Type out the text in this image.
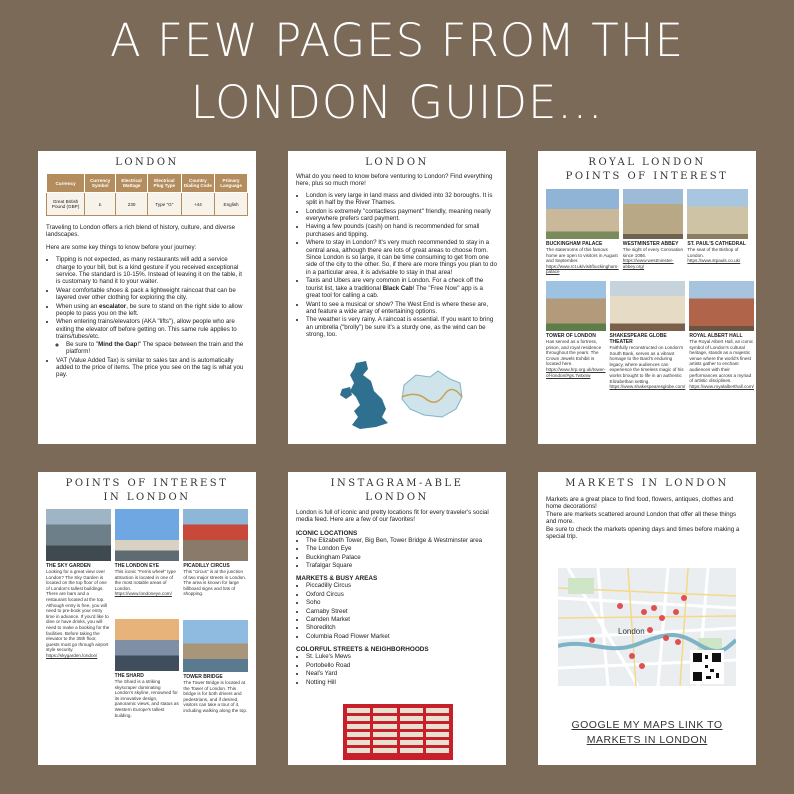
A FEW PAGES FROM THE
LONDON GUIDE...
LONDON
Currency	Currency Symbol	Electrical Wattage	Electrical Plug Type	Country Dialing Code	Primary Language
Great British Pound (GBP)	£	230	Type "G"	+44	English
Traveling to London offers a rich blend of history, culture, and diverse landscapes.
Here are some key things to know before your journey:
• Tipping is not expected, as many restaurants will add a service charge to your bill, but is a kind gesture if you received exceptional service. The standard is 10-15%. Instead of leaving it on the table, it is customary to hand it to your waiter.
• Wear comfortable shoes & pack a lightweight raincoat that can be layered over other clothing for exploring the city.
• When using an escalator, be sure to stand on the right side to allow people to pass you on the left.
• When entering trains/elevators (AKA "lifts"), allow people who are exiting the elevator off before getting on. This same rule applies to trains/tubes/etc.
◦ Be sure to "Mind the Gap!" The space between the train and the platform!
• VAT (Value Added Tax) is similar to sales tax and is automatically added to the price of items. The price you see on the tag is what you pay.
LONDON
What do you need to know before venturing to London? Find everything here, plus so much more!
• London is very large in land mass and divided into 32 boroughs. It is split in half by the River Thames.
• London is extremely "contactless payment" friendly, meaning nearly everywhere prefers card payment.
• Having a few pounds (cash) on hand is recommended for small purchases and tipping.
• Where to stay in London? It's very much recommended to stay in a central area, although there are lots of great areas to choose from. Since London is so large, it can be time consuming to get from one side of the city to the other. So, if there are more things you plan to do in a particular area, it is advisable to stay in that area!
• Taxis and Ubers are very common in London. For a check off the tourist list, take a traditional Black Cab! The "Free Now" app is a great tool for calling a cab.
• Want to see a musical or show? The West End is where these are, and feature a wide array of entertaining options.
• The weather is very rainy. A raincoat is essential. If you want to bring an umbrella ("brolly") be sure it's a sturdy one, as the wind can be strong, too.
ROYAL LONDON
POINTS OF INTEREST
BUCKINGHAM PALACE
The staterooms of this famous home are open to visitors in August and September.
https://www.rct.uk/visit/buckingham-palace
WESTMINSTER ABBEY
The sight of every Coronation since 1066.
https://www.westminster-abbey.org/
ST. PAUL'S CATHEDRAL
The seat of the Bishop of London.
https://www.stpauls.co.uk/
TOWER OF LONDON
Has served as a fortress, prison, and royal residence throughout the years. The Crown Jewels Exhibit is located here.
https://www.hrp.org.uk/tower-of-london/#gs.7wtxnw
SHAKESPEARE GLOBE THEATER
Faithfully reconstructed on London's South Bank, serves as a vibrant homage to the Bard's enduring legacy, where audiences can experience the timeless magic of his works brought to life in an authentic Elizabethan setting.
https://www.shakespearesglobe.com/
ROYAL ALBERT HALL
The Royal Albert Hall, an iconic symbol of London's cultural heritage, stands as a majestic venue where the world's finest artists gather to enchant audiences with their performances across a myriad of artistic disciplines.
https://www.royalalberthall.com/
POINTS OF INTEREST
IN LONDON
THE SKY GARDEN
Looking for a great view over London? The Sky Garden is located on the top floor of one of London's tallest buildings. There are bars and a restaurant located at the top. Although entry is free, you will need to pre-book your entry time in advance. If you'd like to dine or have drinks, you will need to make a booking for the facilities. Before taking the elevator to the 35th floor, guests must go through airport style security.
https://skygarden.london/
THE LONDON EYE
This iconic "Ferris wheel" type attraction is located in one of the most notable areas of London.
https://www.londoneye.com/
THE SHARD
The Shard is a striking skyscraper dominating London's skyline, renowned for its innovative design, panoramic views, and status as Western Europe's tallest building.
PICADILLY CIRCUS
This "circus" is at the junction of two major streets in London. The area is known for large billboard signs and lots of shopping.
TOWER BRIDGE
The Tower Bridge is located at the Tower of London. This bridge is for both drivers and pedestrians, and if desired, visitors can take a tour of it, including walking along the top.
INSTAGRAM-ABLE
LONDON
London is full of iconic and pretty locations fit for every traveler's social media feed. Here are a few of our favorites!
ICONIC LOCATIONS
• The Elizabeth Tower, Big Ben, Tower Bridge & Westminster area
• The London Eye
• Buckingham Palace
• Trafalgar Square
MARKETS & BUSY AREAS
• Piccadilly Circus
• Oxford Circus
• Soho
• Carnaby Street
• Camden Market
• Shoreditch
• Columbia Road Flower Market
COLORFUL STREETS & NEIGHBORHOODS
• St. Luke's Mews
• Portobello Road
• Neal's Yard
• Notting Hill
MARKETS IN LONDON
Markets are a great place to find food, flowers, antiques, clothes and home decorations!
There are markets scattered around London that offer all these things and more.
Be sure to check the markets opening days and times before making a special trip.
London
GOOGLE MY MAPS LINK TO
MARKETS IN LONDON
